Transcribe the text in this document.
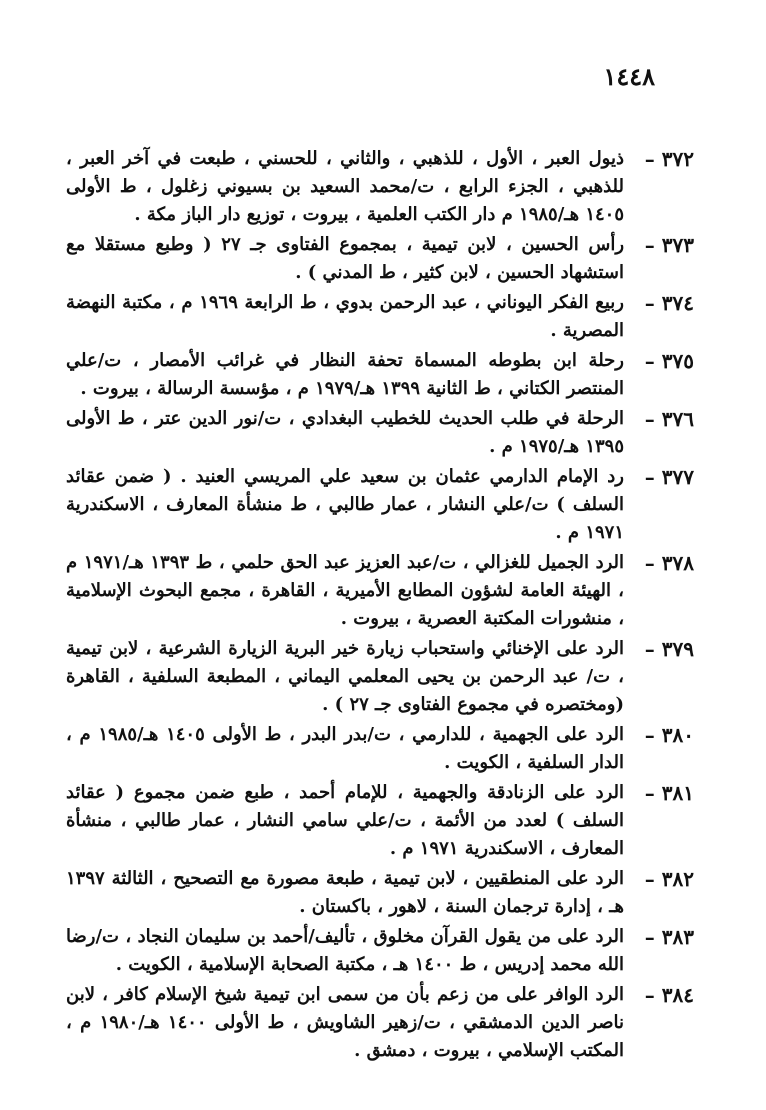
١٤٤٨
٣٧٢ –
ذيول العبر ، الأول ، للذهبي ، والثاني ، للحسني ، طبعت في آخر العبر ، للذهبي ، الجزء الرابع ، ت/محمد السعيد بن بسيوني زغلول ، ط الأولى ١٤٠٥ هـ/١٩٨٥ م دار الكتب العلمية ، بيروت ، توزيع دار الباز مكة .
٣٧٣ –
رأس الحسين ، لابن تيمية ، بمجموع الفتاوى جـ ٢٧ ( وطبع مستقلا مع استشهاد الحسين ، لابن كثير ، ط المدني ) .
٣٧٤ –
ربيع الفكر اليوناني ، عبد الرحمن بدوي ، ط الرابعة ١٩٦٩ م ، مكتبة النهضة المصرية .
٣٧٥ –
رحلة ابن بطوطه المسماة تحفة النظار في غرائب الأمصار ، ت/علي المنتصر الكتاني ، ط الثانية ١٣٩٩ هـ/١٩٧٩ م ، مؤسسة الرسالة ، بيروت .
٣٧٦ –
الرحلة في طلب الحديث للخطيب البغدادي ، ت/نور الدين عتر ، ط الأولى ١٣٩٥ هـ/١٩٧٥ م .
٣٧٧ –
رد الإمام الدارمي عثمان بن سعيد علي المريسي العنيد . ( ضمن عقائد السلف ) ت/علي النشار ، عمار طالبي ، ط منشأة المعارف ، الاسكندرية ١٩٧١ م .
٣٧٨ –
الرد الجميل للغزالي ، ت/عبد العزيز عبد الحق حلمي ، ط ١٣٩٣ هـ/١٩٧١ م ، الهيئة العامة لشؤون المطابع الأميرية ، القاهرة ، مجمع البحوث الإسلامية ، منشورات المكتبة العصرية ، بيروت .
٣٧٩ –
الرد على الإخنائي واستحباب زيارة خير البرية الزيارة الشرعية ، لابن تيمية ، ت/ عبد الرحمن بن يحيى المعلمي اليماني ، المطبعة السلفية ، القاهرة (ومختصره في مجموع الفتاوى جـ ٢٧ ) .
٣٨٠ –
الرد على الجهمية ، للدارمي ، ت/بدر البدر ، ط الأولى ١٤٠٥ هـ/١٩٨٥ م ، الدار السلفية ، الكويت .
٣٨١ –
الرد على الزنادقة والجهمية ، للإمام أحمد ، طبع ضمن مجموع ( عقائد السلف ) لعدد من الأئمة ، ت/علي سامي النشار ، عمار طالبي ، منشأة المعارف ، الاسكندرية ١٩٧١ م .
٣٨٢ –
الرد على المنطقيين ، لابن تيمية ، طبعة مصورة مع التصحيح ، الثالثة ١٣٩٧ هـ ، إدارة ترجمان السنة ، لاهور ، باكستان .
٣٨٣ –
الرد على من يقول القرآن مخلوق ، تأليف/أحمد بن سليمان النجاد ، ت/رضا الله محمد إدريس ، ط ١٤٠٠ هـ ، مكتبة الصحابة الإسلامية ، الكويت .
٣٨٤ –
الرد الوافر على من زعم بأن من سمى ابن تيمية شيخ الإسلام كافر ، لابن ناصر الدين الدمشقي ، ت/زهير الشاويش ، ط الأولى ١٤٠٠ هـ/١٩٨٠ م ، المكتب الإسلامي ، بيروت ، دمشق .
